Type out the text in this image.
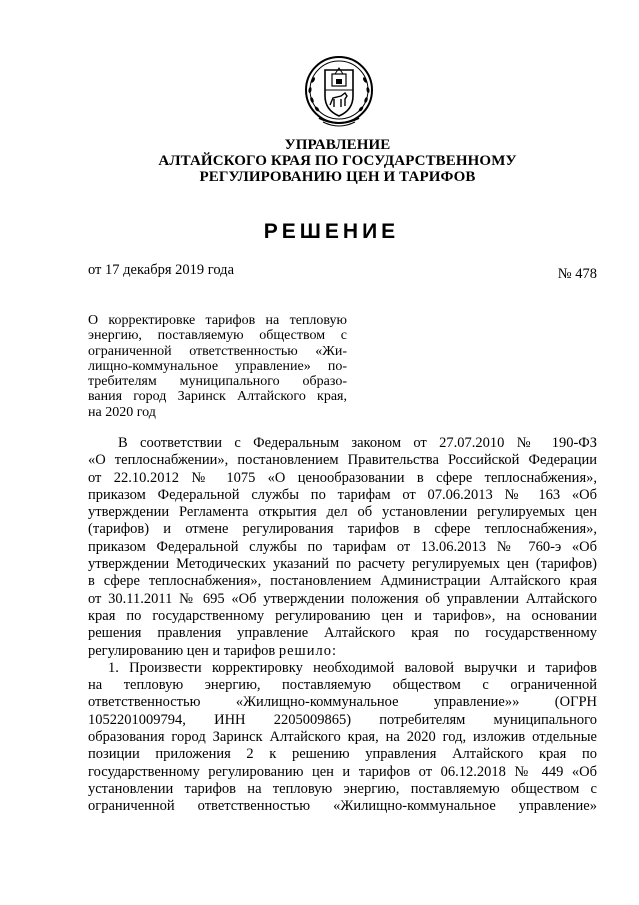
УПРАВЛЕНИЕ
АЛТАЙСКОГО КРАЯ ПО ГОСУДАРСТВЕННОМУ
РЕГУЛИРОВАНИЮ ЦЕН И ТАРИФОВ
РЕШЕНИЕ
от 17 декабря 2019 года	№ 478
О корректировке тарифов на тепловую
энергию, поставляемую обществом с
ограниченной ответственностью «Жи-
лищно-коммунальное управление» по-
требителям муниципального образо-
вания город Заринск Алтайского края,
на 2020 год
В соответствии с Федеральным законом от 27.07.2010 № 190-ФЗ
«О теплоснабжении», постановлением Правительства Российской Федерации
от 22.10.2012 № 1075 «О ценообразовании в сфере теплоснабжения»,
приказом Федеральной службы по тарифам от 07.06.2013 № 163 «Об
утверждении Регламента открытия дел об установлении регулируемых цен
(тарифов) и отмене регулирования тарифов в сфере теплоснабжения»,
приказом Федеральной службы по тарифам от 13.06.2013 № 760-э «Об
утверждении Методических указаний по расчету регулируемых цен (тарифов)
в сфере теплоснабжения», постановлением Администрации Алтайского края
от 30.11.2011 № 695 «Об утверждении положения об управлении Алтайского
края по государственному регулированию цен и тарифов», на основании
решения правления управление Алтайского края по государственному
регулированию цен и тарифов решило:
1. Произвести корректировку необходимой валовой выручки и тарифов
на тепловую энергию, поставляемую обществом с ограниченной
ответственностью «Жилищно-коммунальное управление»» (ОГРН
1052201009794, ИНН 2205009865) потребителям муниципального
образования город Заринск Алтайского края, на 2020 год, изложив отдельные
позиции приложения 2 к решению управления Алтайского края по
государственному регулированию цен и тарифов от 06.12.2018 № 449 «Об
установлении тарифов на тепловую энергию, поставляемую обществом с
ограниченной ответственностью «Жилищно-коммунальное управление»
